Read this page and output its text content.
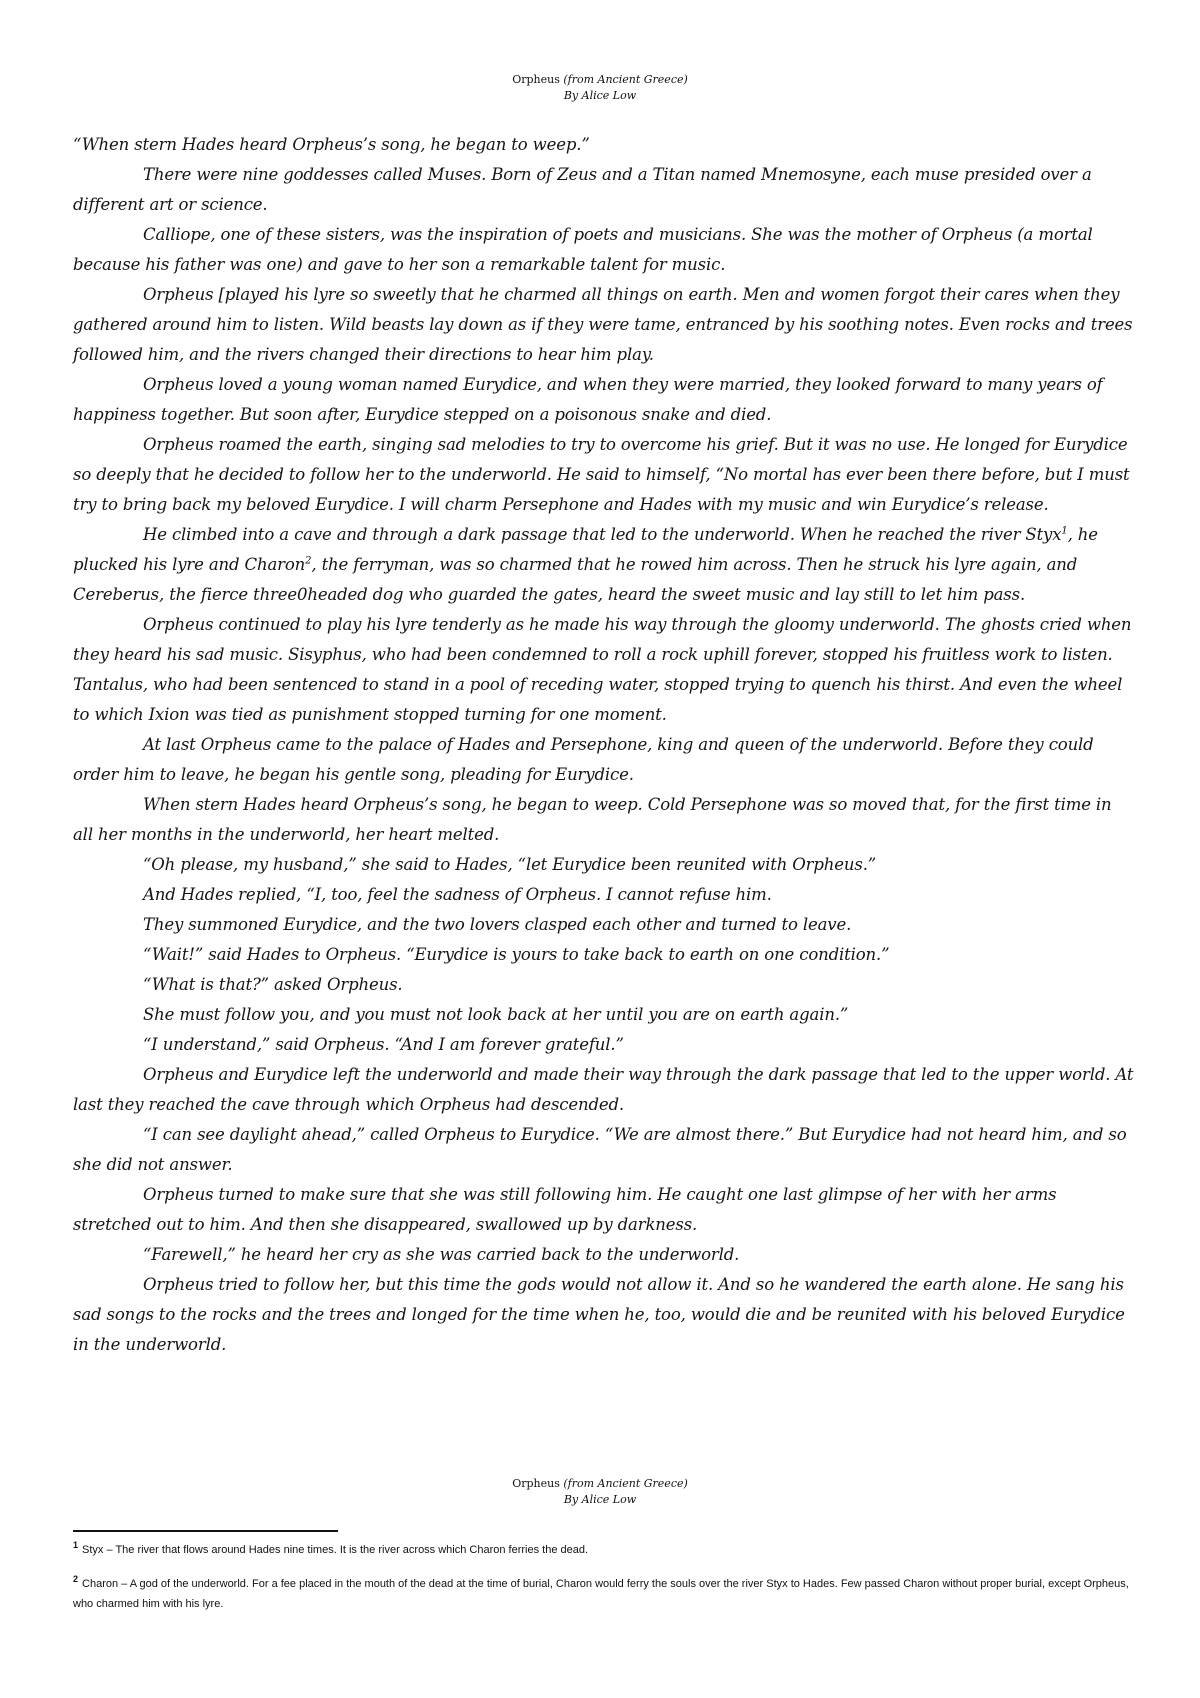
Orpheus (from Ancient Greece)
By Alice Low

“When stern Hades heard Orpheus’s song, he began to weep.”

There were nine goddesses called Muses. Born of Zeus and a Titan named Mnemosyne, each muse presided over a different art or science.

Calliope, one of these sisters, was the inspiration of poets and musicians. She was the mother of Orpheus (a mortal because his father was one) and gave to her son a remarkable talent for music.

Orpheus [played his lyre so sweetly that he charmed all things on earth. Men and women forgot their cares when they gathered around him to listen. Wild beasts lay down as if they were tame, entranced by his soothing notes. Even rocks and trees followed him, and the rivers changed their directions to hear him play.

Orpheus loved a young woman named Eurydice, and when they were married, they looked forward to many years of happiness together. But soon after, Eurydice stepped on a poisonous snake and died.

Orpheus roamed the earth, singing sad melodies to try to overcome his grief. But it was no use. He longed for Eurydice so deeply that he decided to follow her to the underworld. He said to himself, “No mortal has ever been there before, but I must try to bring back my beloved Eurydice. I will charm Persephone and Hades with my music and win Eurydice’s release.

He climbed into a cave and through a dark passage that led to the underworld. When he reached the river Styx$^1$, he plucked his lyre and Charon$^2$, the ferryman, was so charmed that he rowed him across. Then he struck his lyre again, and Cereberus, the fierce three0headed dog who guarded the gates, heard the sweet music and lay still to let him pass.

Orpheus continued to play his lyre tenderly as he made his way through the gloomy underworld. The ghosts cried when they heard his sad music. Sisyphus, who had been condemned to roll a rock uphill forever, stopped his fruitless work to listen. Tantalus, who had been sentenced to stand in a pool of receding water, stopped trying to quench his thirst. And even the wheel to which Ixion was tied as punishment stopped turning for one moment.

At last Orpheus came to the palace of Hades and Persephone, king and queen of the underworld. Before they could order him to leave, he began his gentle song, pleading for Eurydice.

When stern Hades heard Orpheus’s song, he began to weep. Cold Persephone was so moved that, for the first time in all her months in the underworld, her heart melted.

“Oh please, my husband,” she said to Hades, “let Eurydice been reunited with Orpheus.”

And Hades replied, “I, too, feel the sadness of Orpheus. I cannot refuse him.

They summoned Eurydice, and the two lovers clasped each other and turned to leave.

“Wait!” said Hades to Orpheus. “Eurydice is yours to take back to earth on one condition.”

“What is that?” asked Orpheus.

She must follow you, and you must not look back at her until you are on earth again.”

“I understand,” said Orpheus. “And I am forever grateful.”

Orpheus and Eurydice left the underworld and made their way through the dark passage that led to the upper world. At last they reached the cave through which Orpheus had descended.

“I can see daylight ahead,” called Orpheus to Eurydice. “We are almost there.” But Eurydice had not heard him, and so she did not answer.

Orpheus turned to make sure that she was still following him. He caught one last glimpse of her with her arms stretched out to him. And then she disappeared, swallowed up by darkness.

“Farewell,” he heard her cry as she was carried back to the underworld.

Orpheus tried to follow her, but this time the gods would not allow it. And so he wandered the earth alone. He sang his sad songs to the rocks and the trees and longed for the time when he, too, would die and be reunited with his beloved Eurydice in the underworld.

Orpheus (from Ancient Greece)
By Alice Low

$^1$ Styx – The river that flows around Hades nine times. It is the river across which Charon ferries the dead.

$^2$ Charon – A god of the underworld. For a fee placed in the mouth of the dead at the time of burial, Charon would ferry the souls over the river Styx to Hades. Few passed Charon without proper burial, except Orpheus, who charmed him with his lyre.
